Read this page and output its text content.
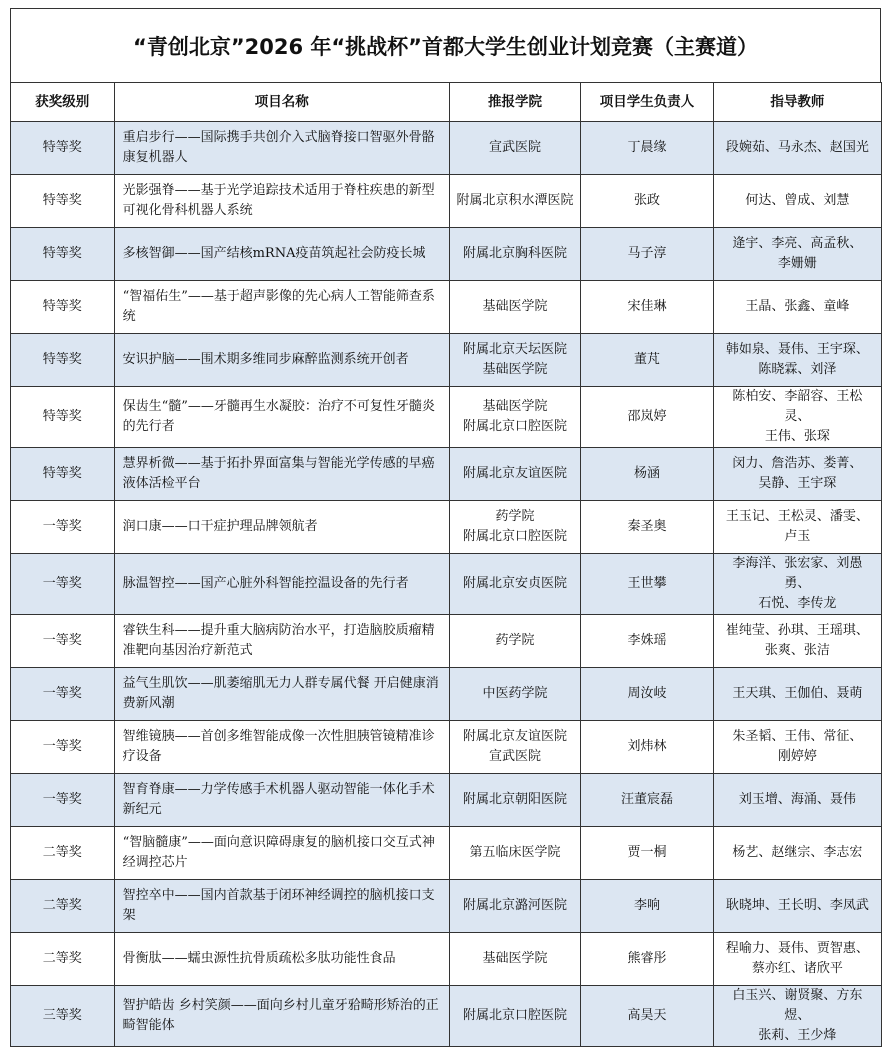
“青创北京”2026 年“挑战杯”首都大学生创业计划竞赛（主赛道）
获奖级别	项目名称	推报学院	项目学生负责人	指导教师
特等奖	重启步行——国际携手共创介入式脑脊接口智驱外骨骼康复机器人	宣武医院	丁晨缘	段婉茹、马永杰、赵国光

特等奖	光影强脊——基于光学追踪技术适用于脊柱疾患的新型可视化骨科机器人系统	附属北京积水潭医院	张政	何达、曾成、刘慧

特等奖	多核智御——国产结核mRNA疫苗筑起社会防疫长城	附属北京胸科医院	马子淳	逄宇、李亮、高孟秋、
李姗姗

特等奖	“智福佑生”——基于超声影像的先心病人工智能筛查系统	基础医学院	宋佳琳	王晶、张鑫、童峰

特等奖	安识护脑——围术期多维同步麻醉监测系统开创者	附属北京天坛医院
基础医学院	董芃	韩如泉、聂伟、王宇琛、
陈晓霖、刘泽

特等奖	保齿生“髓”——牙髓再生水凝胶：治疗不可复性牙髓炎的先行者	基础医学院
附属北京口腔医院	邵岚婷	陈柏安、李韶容、王松灵、
王伟、张琛

特等奖	慧界析微——基于拓扑界面富集与智能光学传感的早癌液体活检平台	附属北京友谊医院	杨涵	闵力、詹浩苏、娄菁、
吴静、王宇琛

一等奖	润口康——口干症护理品牌领航者	药学院
附属北京口腔医院	秦圣奥	王玉记、王松灵、潘雯、
卢玉

一等奖	脉温智控——国产心脏外科智能控温设备的先行者	附属北京安贞医院	王世攀	李海洋、张宏家、刘愚勇、
石悦、李传龙

一等奖	睿铁生科——提升重大脑病防治水平，打造脑胶质瘤精准靶向基因治疗新范式	药学院	李姝瑶	崔纯莹、孙琪、王瑶琪、
张爽、张洁

一等奖	益气生肌饮——肌萎缩肌无力人群专属代餐 开启健康消费新风潮	中医药学院	周汝岐	王天琪、王伽伯、聂萌

一等奖	智维镜胰——首创多维智能成像一次性胆胰管镜精准诊疗设备	附属北京友谊医院
宣武医院	刘炜林	朱圣韬、王伟、常征、
刚婷婷

一等奖	智育脊康——力学传感手术机器人驱动智能一体化手术新纪元	附属北京朝阳医院	汪董宸磊	刘玉增、海涌、聂伟

二等奖	“智脑髓康”——面向意识障碍康复的脑机接口交互式神经调控芯片	第五临床医学院	贾一桐	杨艺、赵继宗、李志宏

二等奖	智控卒中——国内首款基于闭环神经调控的脑机接口支架	附属北京潞河医院	李响	耿晓坤、王长明、李凤武

二等奖	骨衡肽——蠕虫源性抗骨质疏松多肽功能性食品	基础医学院	熊睿彤	程喻力、聂伟、贾智惠、
蔡亦红、诸欣平

三等奖	智护皓齿 乡村笑颜——面向乡村儿童牙𬌗畸形矫治的正畸智能体	附属北京口腔医院	高昊天	白玉兴、谢贤聚、方东煜、
张莉、王少烽
